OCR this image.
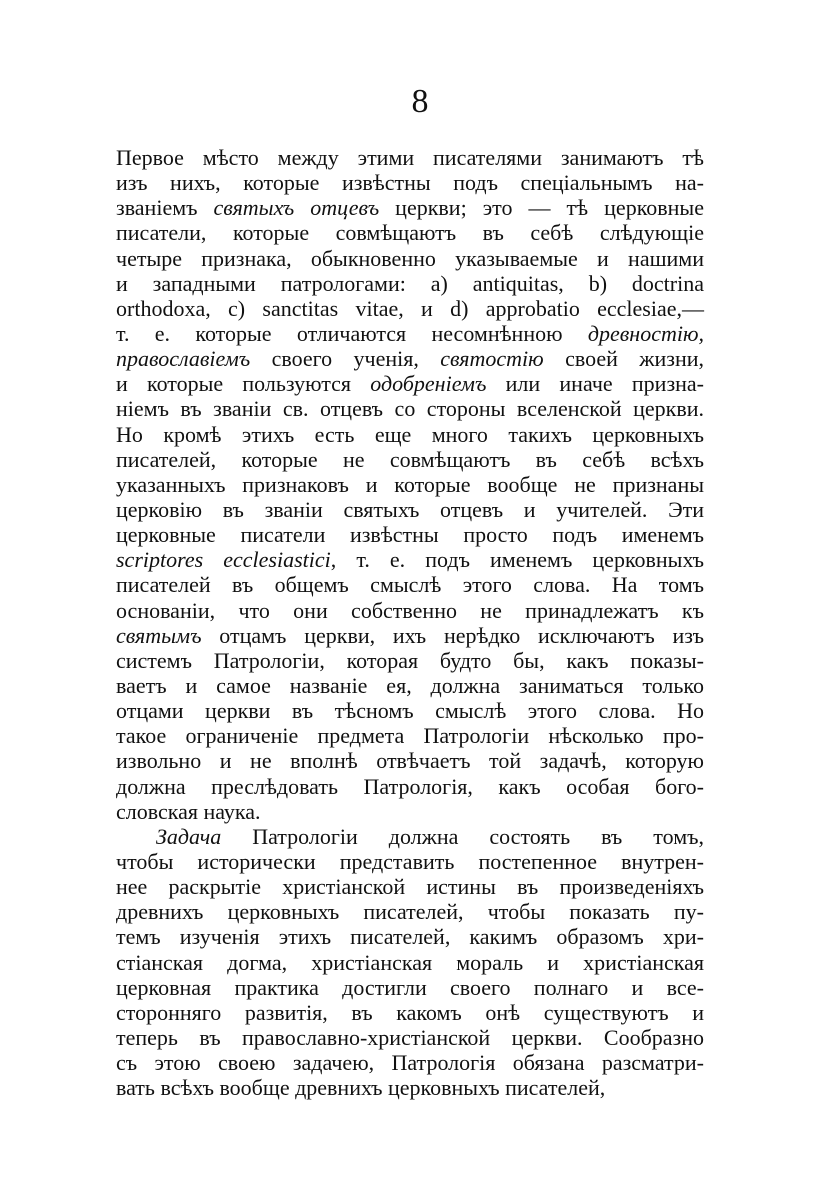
8
Первое мѣсто между этими писателями занимаютъ тѣ
изъ нихъ, которые извѣстны подъ спеціальнымъ на-
званіемъ святыхъ отцевъ церкви; это — тѣ церковные
писатели, которые совмѣщаютъ въ себѣ слѣдующіе
четыре признака, обыкновенно указываемые и нашими
и западными патрологами: a) antiquitas, b) doctrina
orthodoxa, c) sanctitas vitae, и d) approbatio ecclesiae,—
т. е. которые отличаются несомнѣнною древностію,
православіемъ своего ученія, святостію своей жизни,
и которые пользуются одобреніемъ или иначе призна-
ніемъ въ званіи св. отцевъ со стороны вселенской церкви.
Но кромѣ этихъ есть еще много такихъ церковныхъ
писателей, которые не совмѣщаютъ въ себѣ всѣхъ
указанныхъ признаковъ и которые вообще не признаны
церковію въ званіи святыхъ отцевъ и учителей. Эти
церковные писатели извѣстны просто подъ именемъ
scriptores ecclesiastici, т. е. подъ именемъ церковныхъ
писателей въ общемъ смыслѣ этого слова. На томъ
основаніи, что они собственно не принадлежатъ къ
святымъ отцамъ церкви, ихъ нерѣдко исключаютъ изъ
системъ Патрологіи, которая будто бы, какъ показы-
ваетъ и самое названіе ея, должна заниматься только
отцами церкви въ тѣсномъ смыслѣ этого слова. Но
такое ограниченіе предмета Патрологіи нѣсколько про-
извольно и не вполнѣ отвѣчаетъ той задачѣ, которую
должна преслѣдовать Патрологія, какъ особая бого-
словская наука.
Задача Патрологіи должна состоять въ томъ,
чтобы исторически представить постепенное внутрен-
нее раскрытіе христіанской истины въ произведеніяхъ
древнихъ церковныхъ писателей, чтобы показать пу-
темъ изученія этихъ писателей, какимъ образомъ хри-
стіанская догма, христіанская мораль и христіанская
церковная практика достигли своего полнаго и все-
сторонняго развитія, въ какомъ онѣ существуютъ и
теперь въ православно-христіанской церкви. Сообразно
съ этою своею задачею, Патрологія обязана разсматри-
вать всѣхъ вообще древнихъ церковныхъ писателей,
